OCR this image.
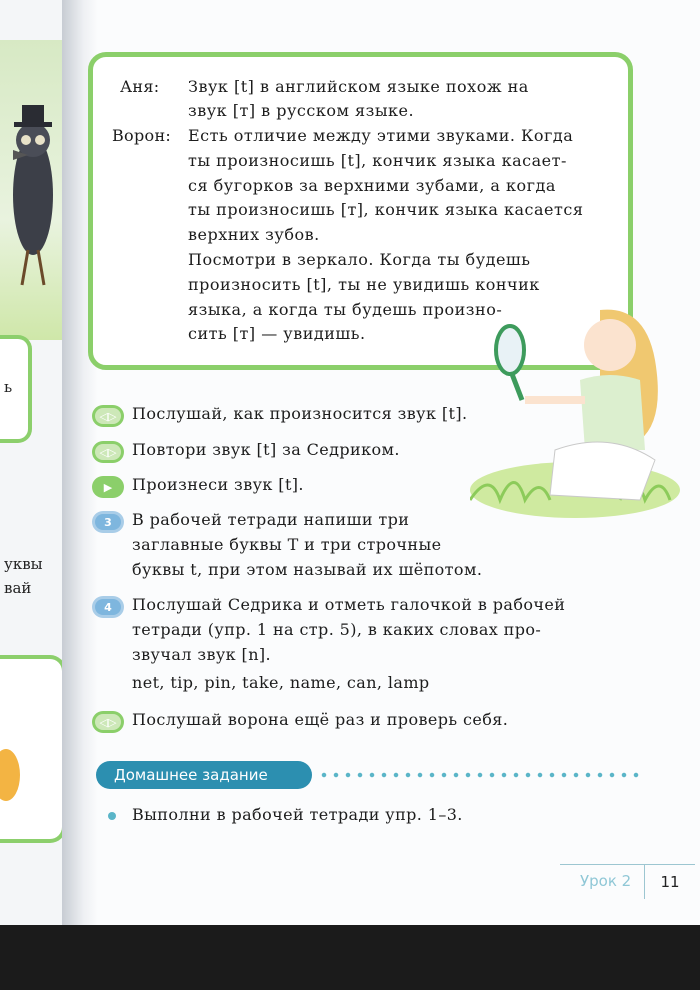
ь
уквы
вай
Аня: Звук [t] в английском языке похож на
звук [т] в русском языке.
Ворон: Есть отличие между этими звуками. Когда
ты произносишь [t], кончик языка касает-
ся бугорков за верхними зубами, а когда
ты произносишь [т], кончик языка касается
верхних зубов.
Посмотри в зеркало. Когда ты будешь
произносить [t], ты не увидишь кончик
языка, а когда ты будешь произно-
сить [т] — увидишь.
◁▷ Послушай, как произносится звук [t].
◁▷ Повтори звук [t] за Седриком.
▶	Произнеси звук [t].
3	В рабочей тетради напиши три
заглавные буквы T и три строчные
буквы t, при этом называй их шёпотом.
4	Послушай Седрика и отметь галочкой в рабочей
тетради (упр. 1 на стр. 5), в каких словах про-
звучал звук [n].
net, tip, pin, take, name, can, lamp
◁▷ Послушай ворона ещё раз и проверь себя.
Домашнее задание
Выполни в рабочей тетради упр. 1–3.
Урок 2	11
